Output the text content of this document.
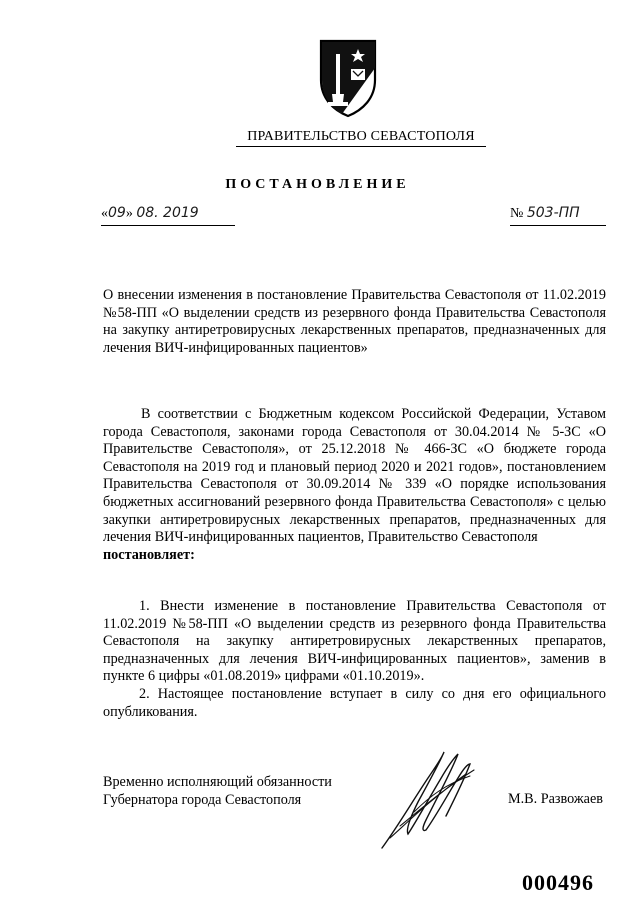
ПРАВИТЕЛЬСТВО СЕВАСТОПОЛЯ
ПОСТАНОВЛЕНИЕ
«09» 08. 2019	№ 503-ПП

О внесении изменения в постановление Правительства Севастополя от 11.02.2019 №58-ПП «О выделении средств из резервного фонда Правительства Севастополя на закупку антиретровирусных лекарственных препаратов, предназначенных для лечения ВИЧ-инфицированных пациентов»

В соответствии с Бюджетным кодексом Российской Федерации, Уставом города Севастополя, законами города Севастополя от 30.04.2014 № 5-ЗС «О Правительстве Севастополя», от 25.12.2018 № 466-ЗС «О бюджете города Севастополя на 2019 год и плановый период 2020 и 2021 годов», постановлением Правительства Севастополя от 30.09.2014 № 339 «О порядке использования бюджетных ассигнований резервного фонда Правительства Севастополя» с целью закупки антиретровирусных лекарственных препаратов, предназначенных для лечения ВИЧ-инфицированных пациентов, Правительство Севастополя
постановляет:

1. Внести изменение в постановление Правительства Севастополя от 11.02.2019 №58-ПП «О выделении средств из резервного фонда Правительства Севастополя на закупку антиретровирусных лекарственных препаратов, предназначенных для лечения ВИЧ-инфицированных пациентов», заменив в пункте 6 цифры «01.08.2019» цифрами «01.10.2019».

2. Настоящее постановление вступает в силу со дня его официального опубликования.

Временно исполняющий обязанности
Губернатора города Севастополя	М.В. Развожаев
000496
